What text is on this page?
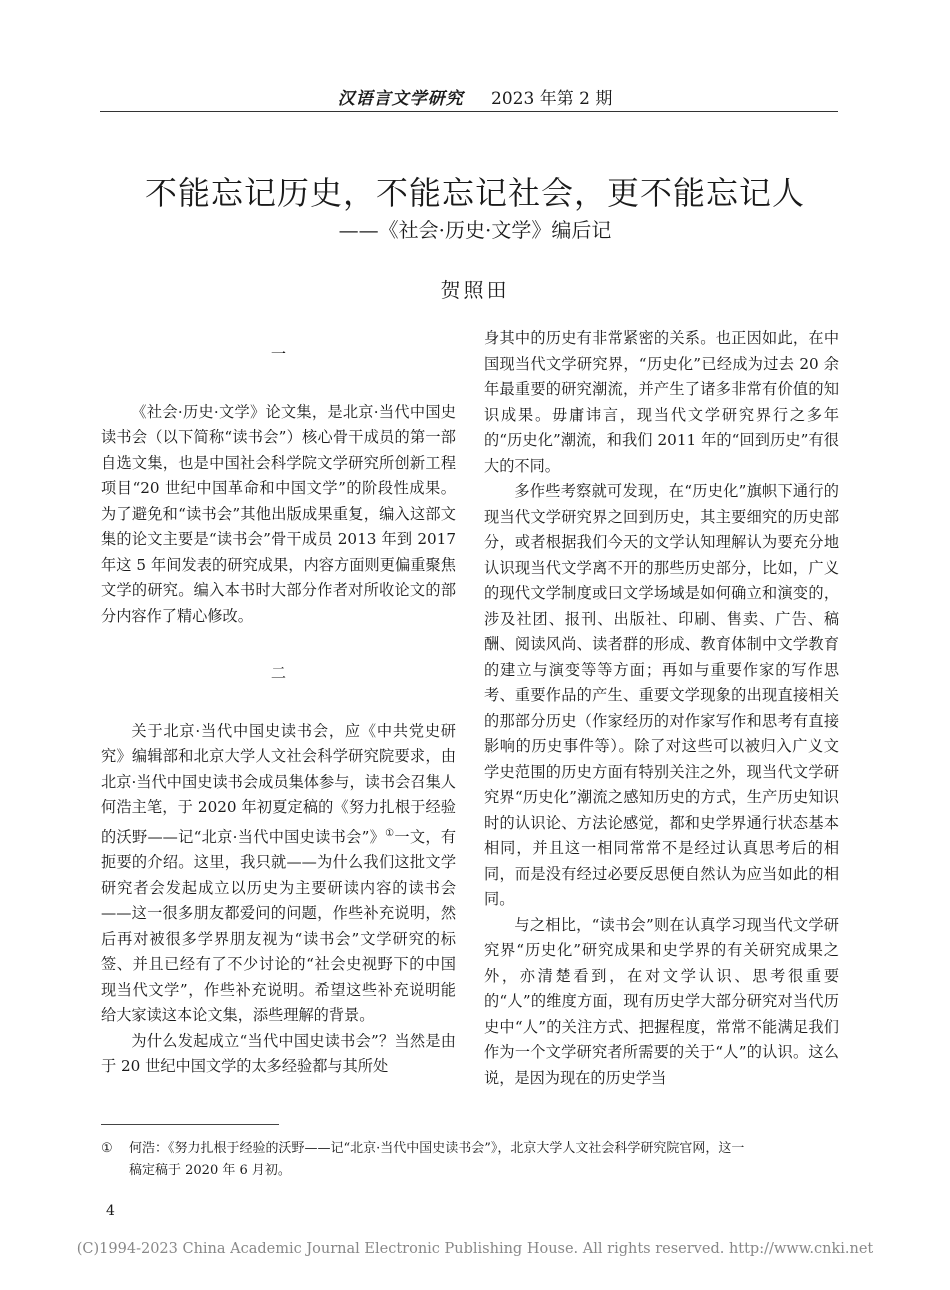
汉语言文学研究 2023 年第 2 期
不能忘记历史，不能忘记社会，更不能忘记人
——《社会·历史·文学》编后记
贺照田

一

《社会·历史·文学》论文集，是北京·当代中国史读书会（以下简称“读书会”）核心骨干成员的第一部自选文集，也是中国社会科学院文学研究所创新工程项目“20 世纪中国革命和中国文学”的阶段性成果。为了避免和“读书会”其他出版成果重复，编入这部文集的论文主要是“读书会”骨干成员 2013 年到 2017 年这 5 年间发表的研究成果，内容方面则更偏重聚焦文学的研究。编入本书时大部分作者对所收论文的部分内容作了精心修改。

二

关于北京·当代中国史读书会，应《中共党史研究》编辑部和北京大学人文社会科学研究院要求，由北京·当代中国史读书会成员集体参与，读书会召集人何浩主笔，于 2020 年初夏定稿的《努力扎根于经验的沃野——记“北京·当代中国史读书会”》①一文，有扼要的介绍。这里，我只就——为什么我们这批文学研究者会发起成立以历史为主要研读内容的读书会——这一很多朋友都爱问的问题，作些补充说明，然后再对被很多学界朋友视为“读书会”文学研究的标签、并且已经有了不少讨论的“社会史视野下的中国现当代文学”，作些补充说明。希望这些补充说明能给大家读这本论文集，添些理解的背景。

为什么发起成立“当代中国史读书会”？当然是由于 20 世纪中国文学的太多经验都与其所处

身其中的历史有非常紧密的关系。也正因如此，在中国现当代文学研究界，“历史化”已经成为过去 20 余年最重要的研究潮流，并产生了诸多非常有价值的知识成果。毋庸讳言，现当代文学研究界行之多年的“历史化”潮流，和我们 2011 年的“回到历史”有很大的不同。

多作些考察就可发现，在“历史化”旗帜下通行的现当代文学研究界之回到历史，其主要细究的历史部分，或者根据我们今天的文学认知理解认为要充分地认识现当代文学离不开的那些历史部分，比如，广义的现代文学制度或曰文学场域是如何确立和演变的，涉及社团、报刊、出版社、印刷、售卖、广告、稿酬、阅读风尚、读者群的形成、教育体制中文学教育的建立与演变等等方面；再如与重要作家的写作思考、重要作品的产生、重要文学现象的出现直接相关的那部分历史（作家经历的对作家写作和思考有直接影响的历史事件等）。除了对这些可以被归入广义文学史范围的历史方面有特别关注之外，现当代文学研究界“历史化”潮流之感知历史的方式，生产历史知识时的认识论、方法论感觉，都和史学界通行状态基本相同，并且这一相同常常不是经过认真思考后的相同，而是没有经过必要反思便自然认为应当如此的相同。

与之相比，“读书会”则在认真学习现当代文学研究界“历史化”研究成果和史学界的有关研究成果之外，亦清楚看到，在对文学认识、思考很重要的“人”的维度方面，现有历史学大部分研究对当代历史中“人”的关注方式、把握程度，常常不能满足我们作为一个文学研究者所需要的关于“人”的认识。这么说，是因为现在的历史学当

① 何浩：《努力扎根于经验的沃野——记“北京·当代中国史读书会”》，北京大学人文社会科学研究院官网，这一
稿定稿于 2020 年 6 月初。
4
(C)1994-2023 China Academic Journal Electronic Publishing House. All rights reserved. http://www.cnki.net
